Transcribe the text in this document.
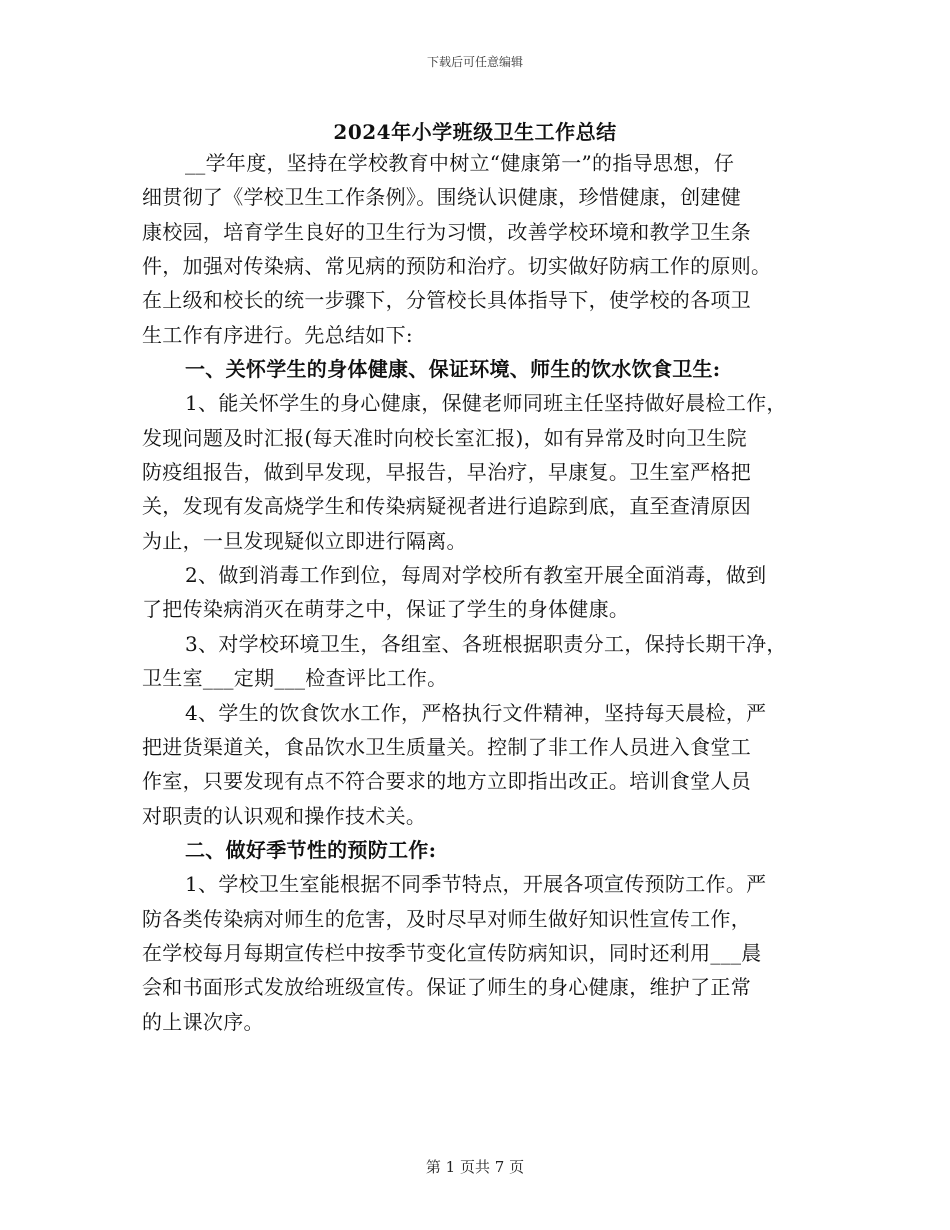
下载后可任意编辑
2024年小学班级卫生工作总结
__学年度，坚持在学校教育中树立“健康第一”的指导思想，仔
细贯彻了《学校卫生工作条例》。围绕认识健康，珍惜健康，创建健
康校园，培育学生良好的卫生行为习惯，改善学校环境和教学卫生条
件，加强对传染病、常见病的预防和治疗。切实做好防病工作的原则。
在上级和校长的统一步骤下，分管校长具体指导下，使学校的各项卫
生工作有序进行。先总结如下:
一、关怀学生的身体健康、保证环境、师生的饮水饮食卫生:
1、能关怀学生的身心健康，保健老师同班主任坚持做好晨检工作，
发现问题及时汇报(每天准时向校长室汇报)，如有异常及时向卫生院
防疫组报告，做到早发现，早报告，早治疗，早康复。卫生室严格把
关，发现有发高烧学生和传染病疑视者进行追踪到底，直至查清原因
为止，一旦发现疑似立即进行隔离。
2、做到消毒工作到位，每周对学校所有教室开展全面消毒，做到
了把传染病消灭在萌芽之中，保证了学生的身体健康。
3、对学校环境卫生，各组室、各班根据职责分工，保持长期干净，
卫生室___定期___检查评比工作。
4、学生的饮食饮水工作，严格执行文件精神，坚持每天晨检，严
把进货渠道关，食品饮水卫生质量关。控制了非工作人员进入食堂工
作室，只要发现有点不符合要求的地方立即指出改正。培训食堂人员
对职责的认识观和操作技术关。
二、做好季节性的预防工作:
1、学校卫生室能根据不同季节特点，开展各项宣传预防工作。严
防各类传染病对师生的危害，及时尽早对师生做好知识性宣传工作，
在学校每月每期宣传栏中按季节变化宣传防病知识，同时还利用___晨
会和书面形式发放给班级宣传。保证了师生的身心健康，维护了正常
的上课次序。
第 1 页共 7 页
